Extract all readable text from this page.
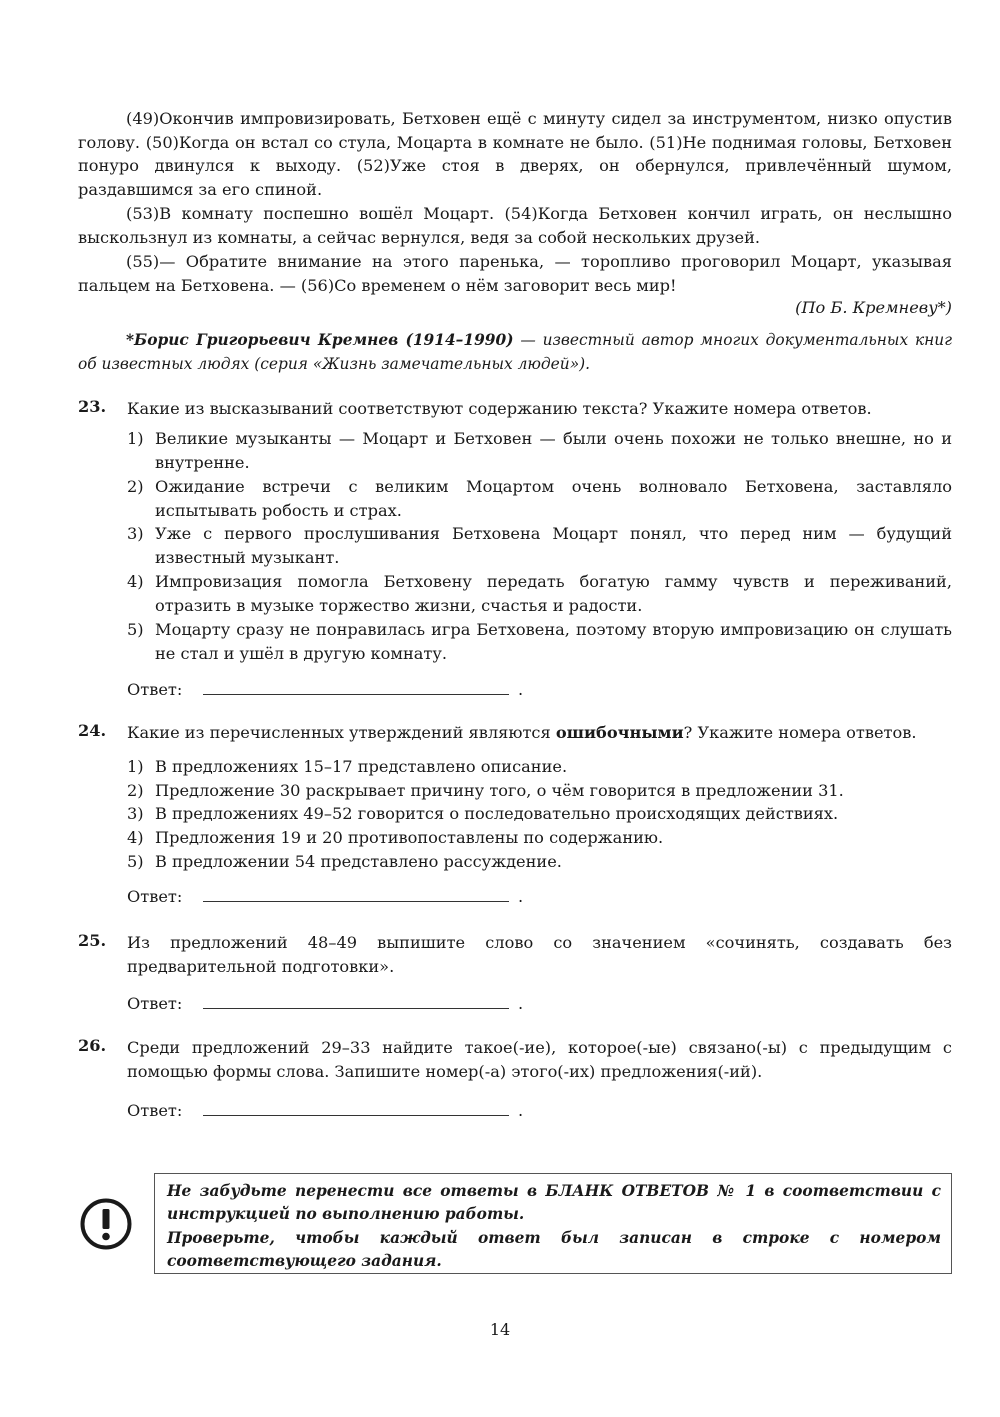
(49)Окончив импровизировать, Бетховен ещё с минуту сидел за инструментом, низко опустив голову. (50)Когда он встал со стула, Моцарта в комнате не было. (51)Не поднимая головы, Бетховен понуро двинулся к выходу. (52)Уже стоя в дверях, он обернулся, привлечённый шумом, раздавшимся за его спиной.

(53)В комнату поспешно вошёл Моцарт. (54)Когда Бетховен кончил играть, он неслышно выскользнул из комнаты, а сейчас вернулся, ведя за собой нескольких друзей.

(55)— Обратите внимание на этого паренька, — торопливо проговорил Моцарт, указывая пальцем на Бетховена. — (56)Со временем о нём заговорит весь мир!

(По Б. Кремневу*)

*Борис Григорьевич Кремнев (1914–1990) — известный автор многих документальных книг об известных людях (серия «Жизнь замечательных людей»).

23. Какие из высказываний соответствуют содержанию текста? Укажите номера ответов.

1) Великие музыканты — Моцарт и Бетховен — были очень похожи не только внешне, но и внутренне.
2) Ожидание встречи с великим Моцартом очень волновало Бетховена, заставляло испытывать робость и страх.
3) Уже с первого прослушивания Бетховена Моцарт понял, что перед ним — будущий известный музыкант.
4) Импровизация помогла Бетховену передать богатую гамму чувств и переживаний, отразить в музыке торжество жизни, счастья и радости.
5) Моцарту сразу не понравилась игра Бетховена, поэтому вторую импровизацию он слушать не стал и ушёл в другую комнату.
Ответ:	.

24. Какие из перечисленных утверждений являются ошибочными? Укажите номера ответов.

1) В предложениях 15–17 представлено описание.
2) Предложение 30 раскрывает причину того, о чём говорится в предложении 31.
3) В предложениях 49–52 говорится о последовательно происходящих действиях.
4) Предложения 19 и 20 противопоставлены по содержанию.
5) В предложении 54 представлено рассуждение.
Ответ:	.

25. Из предложений 48–49 выпишите слово со значением «сочинять, создавать без предварительной подготовки».

Ответ:	.

26. Среди предложений 29–33 найдите такое(-ие), которое(-ые) связано(-ы) с предыдущим с помощью формы слова. Запишите номер(-а) этого(-их) предложения(-ий).

Ответ:	.

Не забудьте перенести все ответы в БЛАНК ОТВЕТОВ № 1 в соответствии с инструкцией по выполнению работы.

Проверьте, чтобы каждый ответ был записан в строке с номером соответствующего задания.

14
